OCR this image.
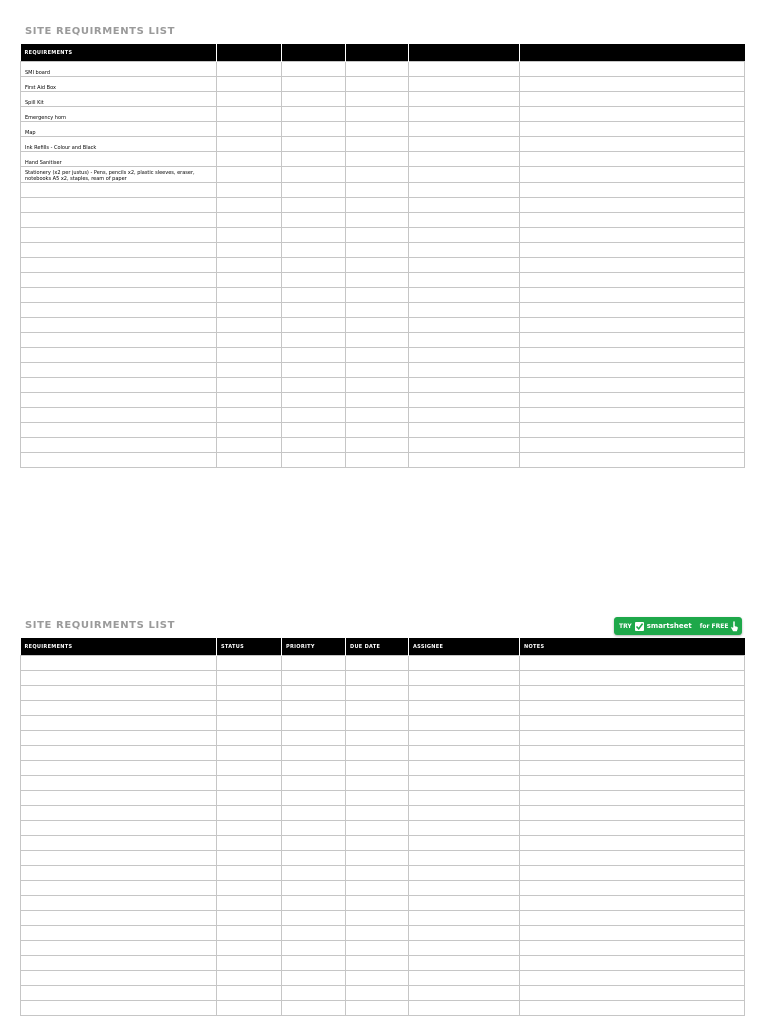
SITE REQUIRMENTS LIST
REQUIREMENTS					
SMI board					
First Aid Box					
Spill Kit					
Emergency horn					
Map					
Ink Refills - Colour and Black					
Hand Sanitiser					
Stationery (x2 per justus) - Pens, pencils x2, plastic sleeves, eraser, notebooks A5 x2, staples, ream of paper					

SITE REQUIRMENTS LIST	TRY smartsheet for FREE
REQUIREMENTS	STATUS	PRIORITY	DUE DATE	ASSIGNEE	NOTES
